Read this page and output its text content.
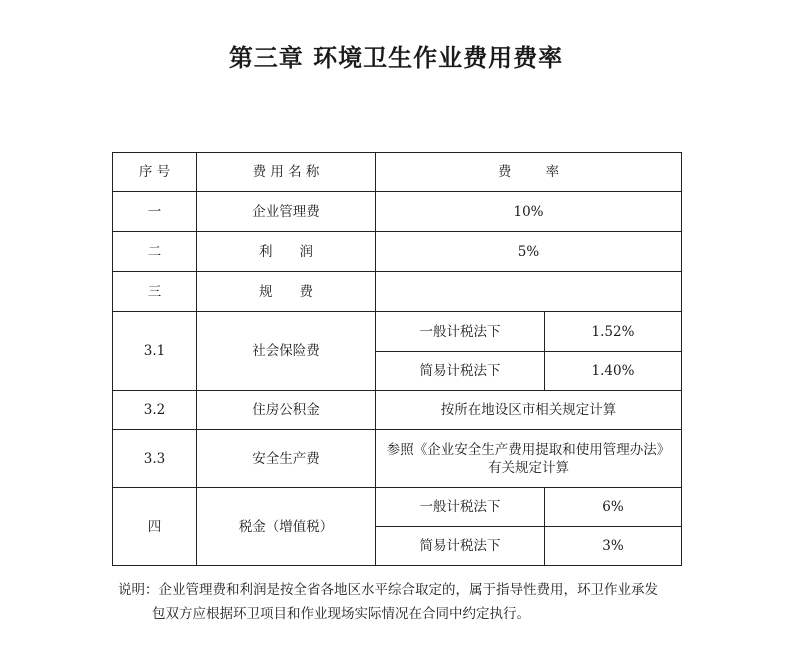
第三章 环境卫生作业费用费率
序 号	费 用 名 称	费        率	
一	企业管理费	10%	
二	利　　润	5%	
三	规　　费		
3.1	社会保险费	一般计税法下	1.52%
		简易计税法下	1.40%
3.2	住房公积金	按所在地设区市相关规定计算	
3.3	安全生产费	参照《企业安全生产费用提取和使用管理办法》
有关规定计算	

四	税金（增值税）	一般计税法下	6%
		简易计税法下	3%
说明：企业管理费和利润是按全省各地区水平综合取定的，属于指导性费用，环卫作业承发
包双方应根据环卫项目和作业现场实际情况在合同中约定执行。
